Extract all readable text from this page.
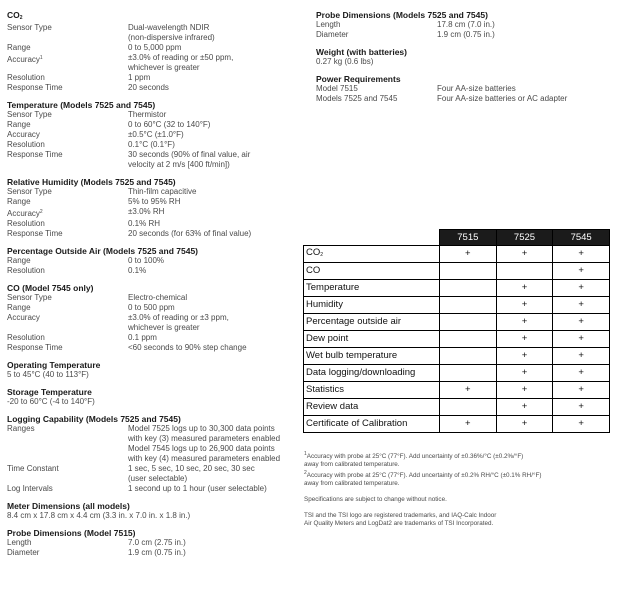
$CO_2$
Sensor Type	Dual-wavelength NDIR
(non-dispersive infrared)
Range	0 to 5,000 ppm
Accuracy$^1$	±3.0% of reading or ±50 ppm,
whichever is greater
Resolution	1 ppm
Response Time	20 seconds
Temperature (Models 7525 and 7545)
Sensor Type	Thermistor
Range	0 to 60°C (32 to 140°F)
Accuracy	±0.5°C (±1.0°F)
Resolution	0.1°C (0.1°F)
Response Time	30 seconds (90% of final value, air
velocity at 2 m/s [400 ft/min])
Relative Humidity (Models 7525 and 7545)
Sensor Type	Thin-film capacitive
Range	5% to 95% RH
Accuracy$^2$	±3.0% RH
Resolution	0.1% RH
Response Time	20 seconds (for 63% of final value)
Percentage Outside Air (Models 7525 and 7545)
Range	0 to 100%
Resolution	0.1%
CO (Model 7545 only)
Sensor Type	Electro-chemical
Range	0 to 500 ppm
Accuracy	±3.0% of reading or ±3 ppm,
whichever is greater
Resolution	0.1 ppm
Response Time	<60 seconds to 90% step change
Operating Temperature
5 to 45°C (40 to 113°F)
Storage Temperature
-20 to 60°C (-4 to 140°F)
Logging Capability (Models 7525 and 7545)
Ranges	Model 7525 logs up to 30,300 data points
with key (3) measured parameters enabled
Model 7545 logs up to 26,900 data points
with key (4) measured parameters enabled
Time Constant	1 sec, 5 sec, 10 sec, 20 sec, 30 sec
(user selectable)
Log Intervals	1 second up to 1 hour (user selectable)
Meter Dimensions (all models)
8.4 cm x 17.8 cm x 4.4 cm (3.3 in. x 7.0 in. x 1.8 in.)
Probe Dimensions (Model 7515)
Length	7.0 cm (2.75 in.)
Diameter	1.9 cm (0.75 in.)
Probe Dimensions (Models 7525 and 7545)
Length	17.8 cm (7.0 in.)
Diameter	1.9 cm (0.75 in.)
Weight (with batteries)
0.27 kg (0.6 lbs)
Power Requirements
Model 7515	Four AA-size batteries
Models 7525 and 7545	Four AA-size batteries or AC adapter
	7515	7525	7545
$CO_2$	+	+	+
CO			+
Temperature		+	+
Humidity		+	+
Percentage outside air		+	+
Dew point		+	+
Wet bulb temperature		+	+
Data logging/downloading		+	+
Statistics	+	+	+
Review data		+	+
Certificate of Calibration	+	+	+
$^1$Accuracy with probe at 25°C (77°F). Add uncertainty of ±0.36%/°C (±0.2%/°F)
away from calibrated temperature.
$^2$Accuracy with probe at 25°C (77°F). Add uncertainty of ±0.2% RH/°C (±0.1% RH/°F)
away from calibrated temperature.
Specifications are subject to change without notice.
TSI and the TSI logo are registered trademarks, and IAQ-Calc Indoor
Air Quality Meters and LogDat2 are trademarks of TSI Incorporated.
